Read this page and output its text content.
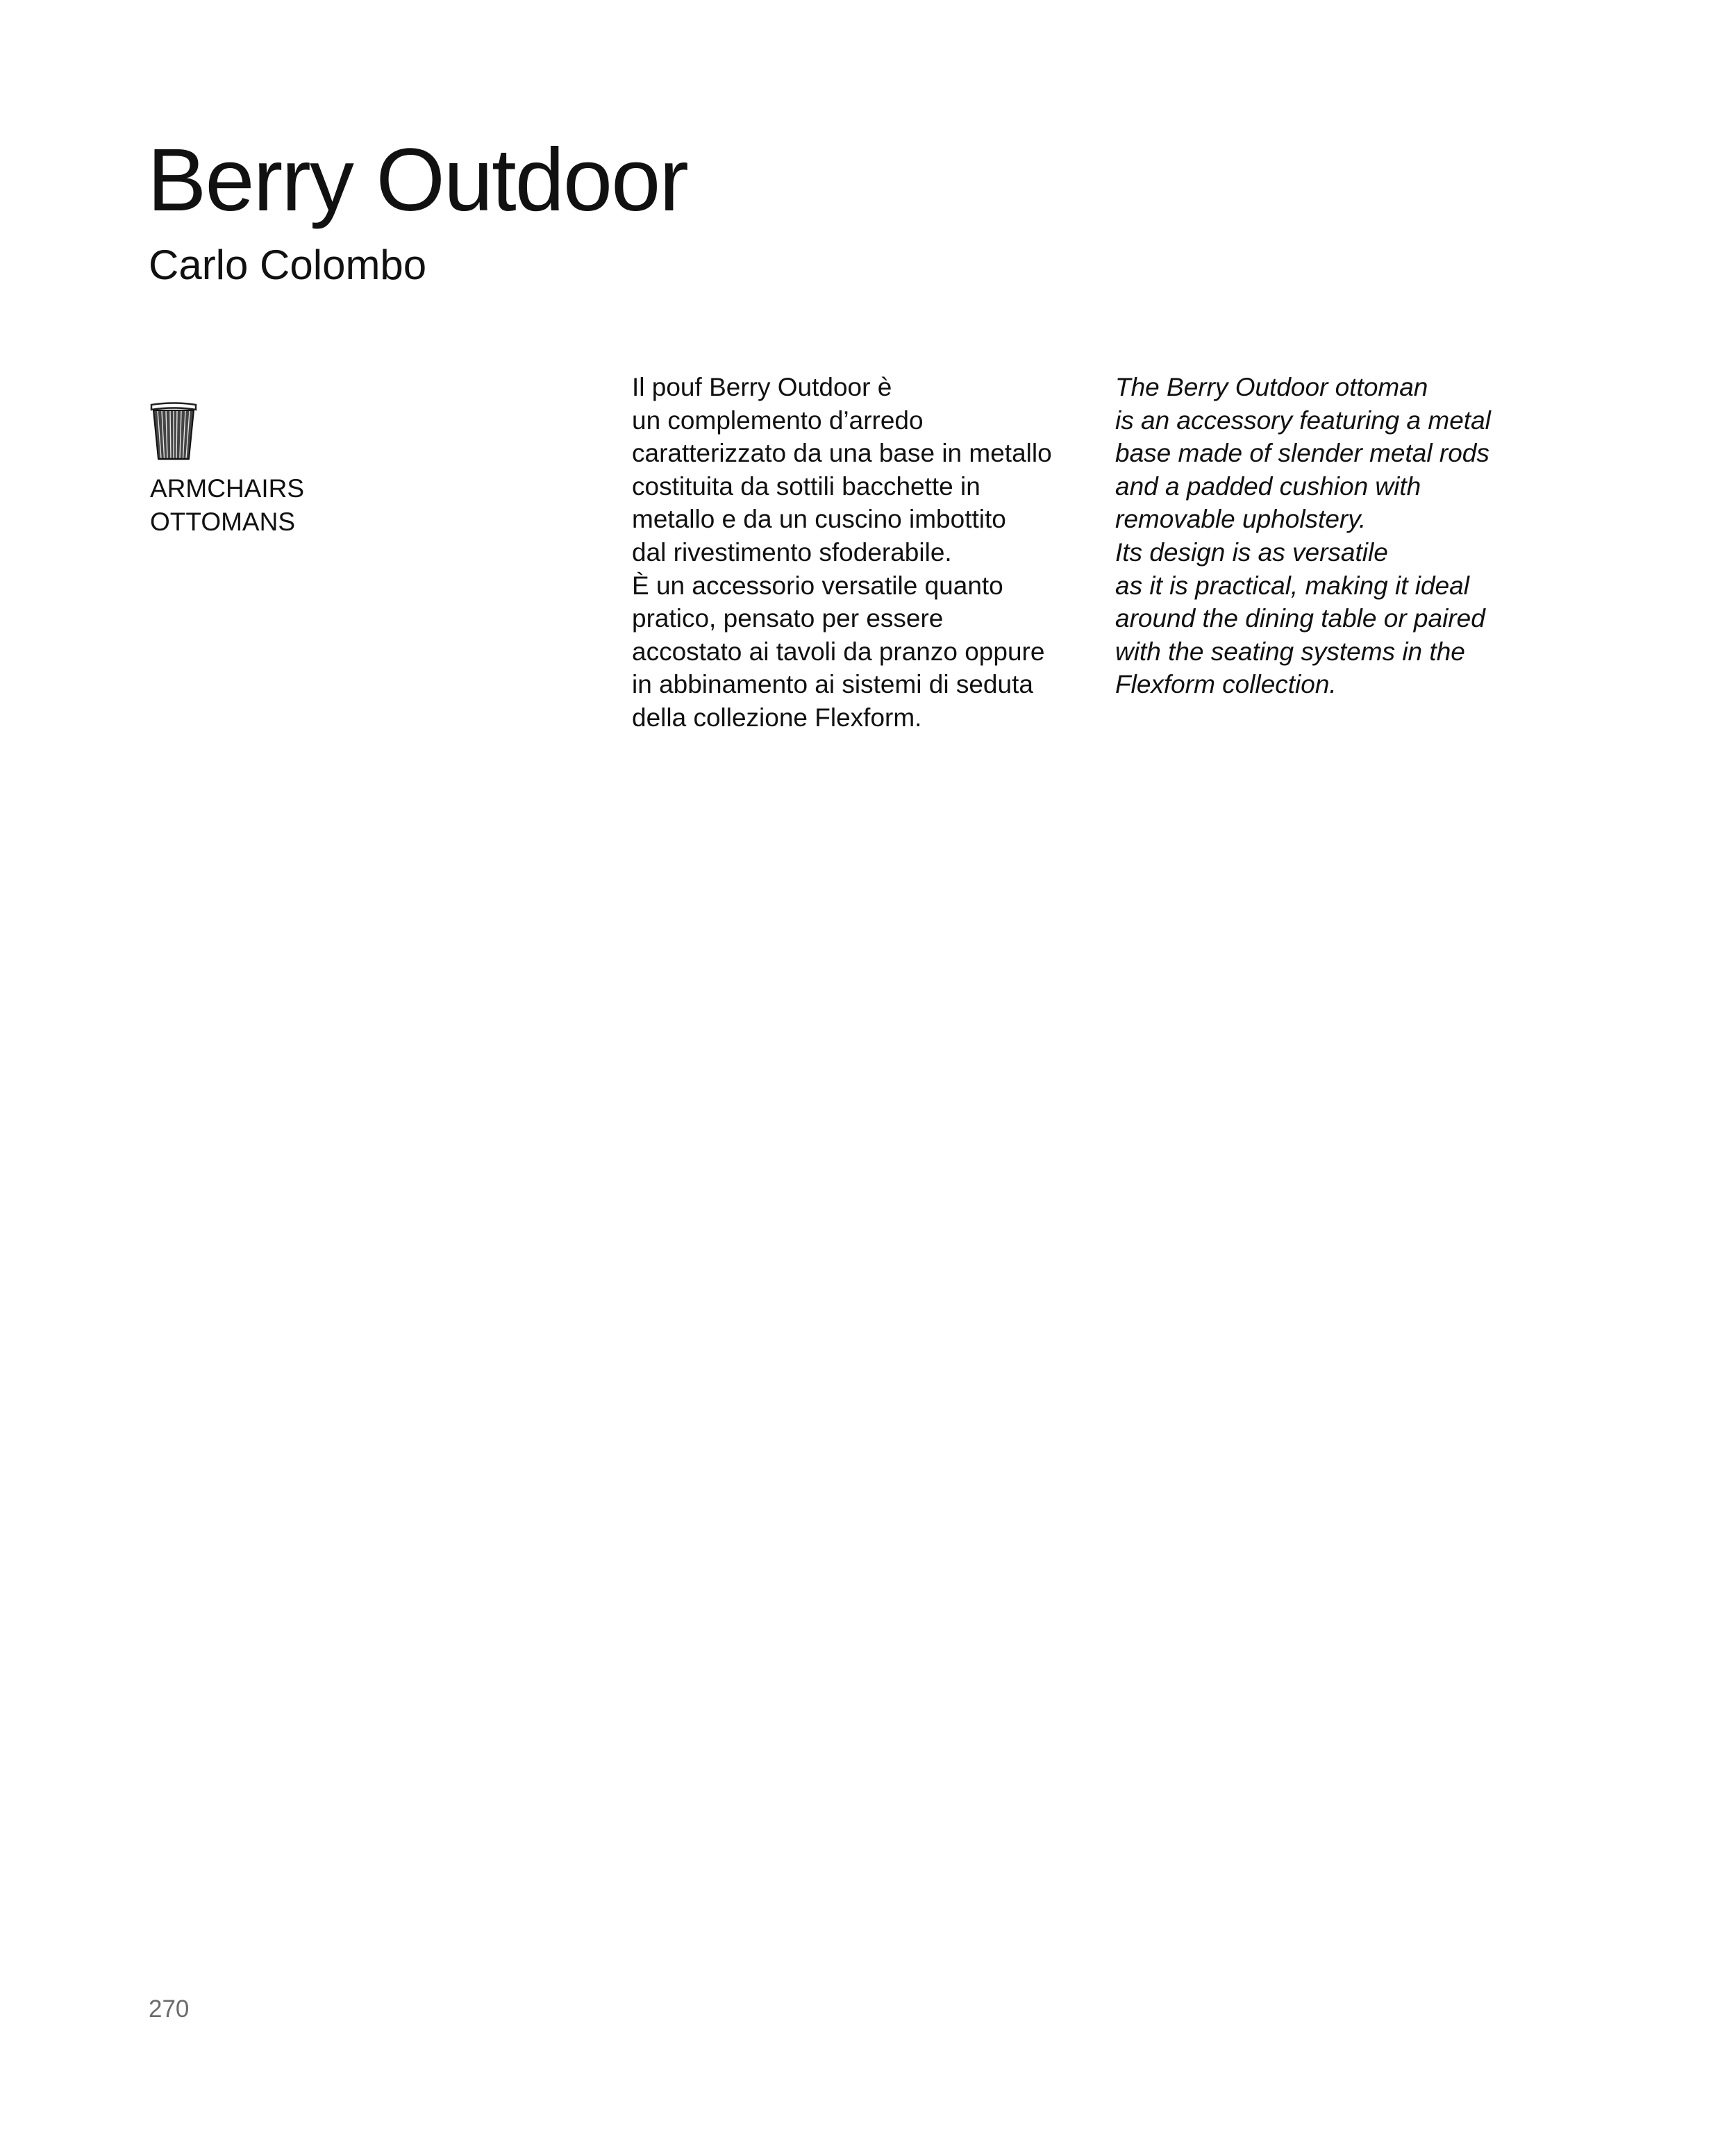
Berry Outdoor
Carlo Colombo
ARMCHAIRS
OTTOMANS
Il pouf Berry Outdoor è
un complemento d’arredo
caratterizzato da una base in metallo
costituita da sottili bacchette in
metallo e da un cuscino imbottito
dal rivestimento sfoderabile.
È un accessorio versatile quanto
pratico, pensato per essere
accostato ai tavoli da pranzo oppure
in abbinamento ai sistemi di seduta
della collezione Flexform.
The Berry Outdoor ottoman
is an accessory featuring a metal
base made of slender metal rods
and a padded cushion with
removable upholstery.
Its design is as versatile
as it is practical, making it ideal
around the dining table or paired
with the seating systems in the
Flexform collection.

270
